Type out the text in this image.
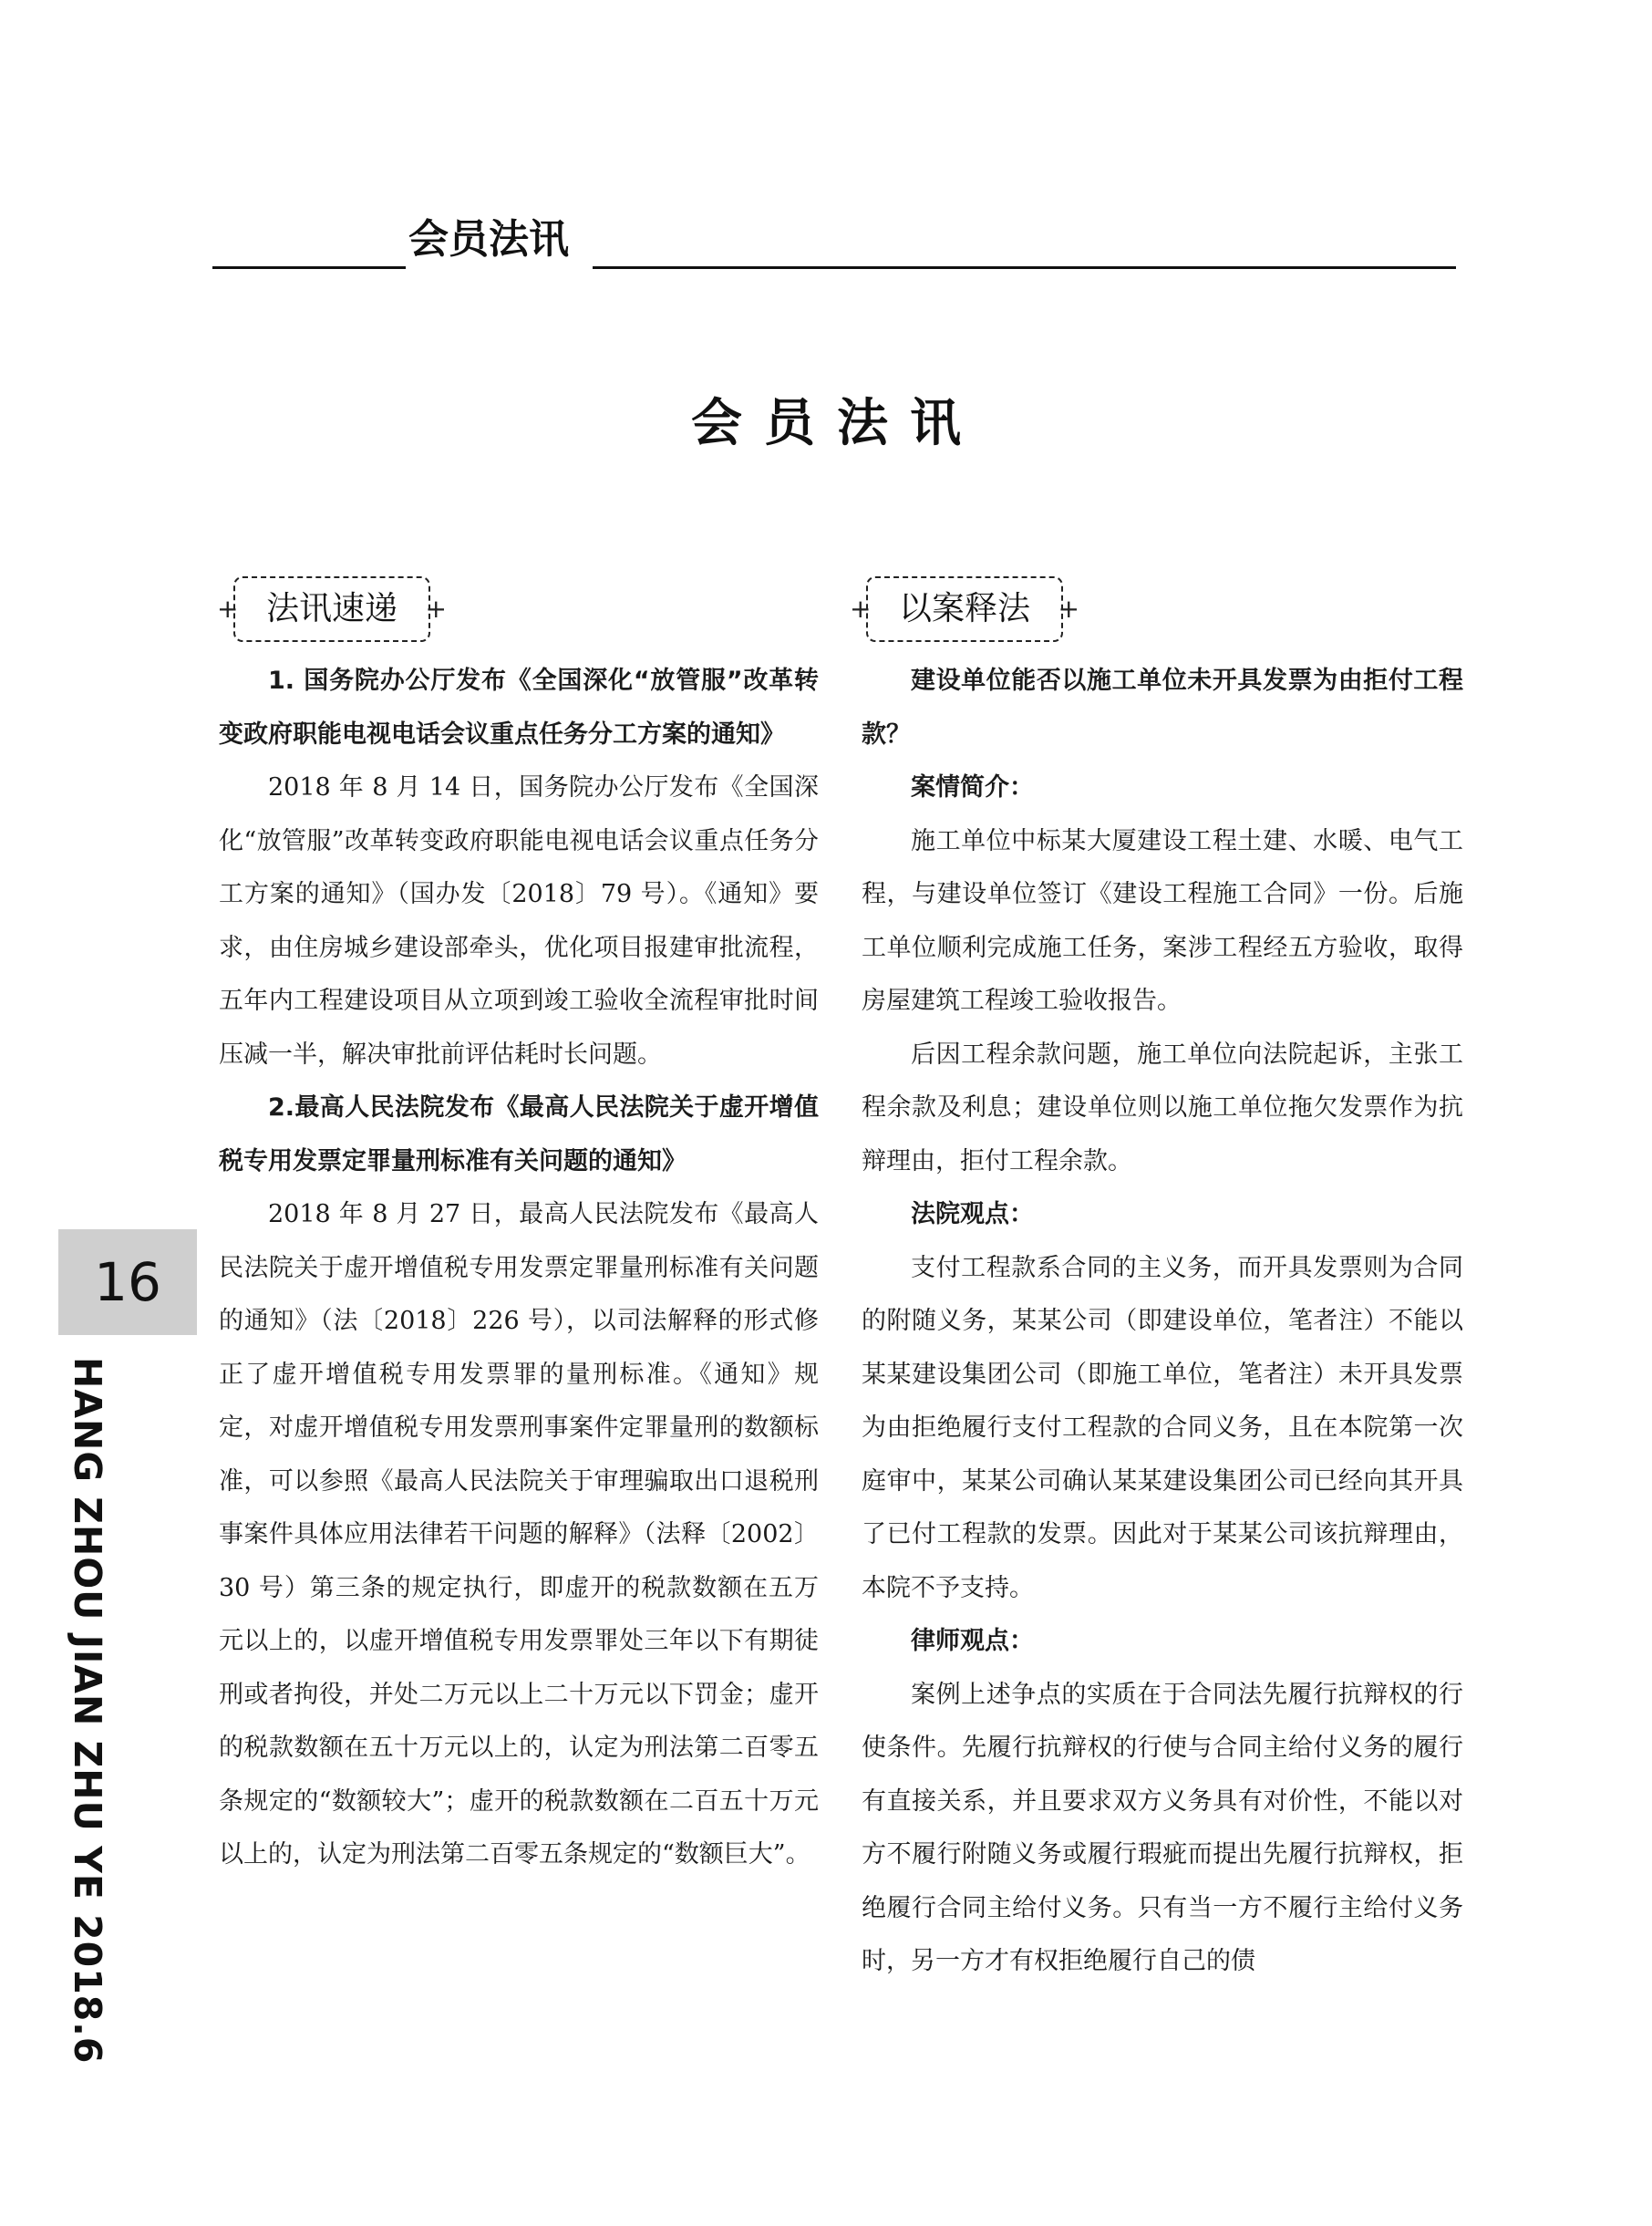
会员法讯
会员法讯
+ 法讯速递 +
+	以案释法 +

1. 国务院办公厅发布《全国深化“放管服”改革转变政府职能电视电话会议重点任务分工方案的通知》

2018 年 8 月 14 日，国务院办公厅发布《全国深化“放管服”改革转变政府职能电视电话会议重点任务分工方案的通知》（国办发〔2018〕79 号）。《通知》要求，由住房城乡建设部牵头，优化项目报建审批流程，五年内工程建设项目从立项到竣工验收全流程审批时间压减一半，解决审批前评估耗时长问题。

2.最高人民法院发布《最高人民法院关于虚开增值税专用发票定罪量刑标准有关问题的通知》

2018 年 8 月 27 日，最高人民法院发布《最高人民法院关于虚开增值税专用发票定罪量刑标准有关问题的通知》（法〔2018〕226 号），以司法解释的形式修正了虚开增值税专用发票罪的量刑标准。《通知》规定，对虚开增值税专用发票刑事案件定罪量刑的数额标准，可以参照《最高人民法院关于审理骗取出口退税刑事案件具体应用法律若干问题的解释》（法释〔2002〕30 号）第三条的规定执行，即虚开的税款数额在五万元以上的，以虚开增值税专用发票罪处三年以下有期徒刑或者拘役，并处二万元以上二十万元以下罚金；虚开的税款数额在五十万元以上的，认定为刑法第二百零五条规定的“数额较大”；虚开的税款数额在二百五十万元以上的，认定为刑法第二百零五条规定的“数额巨大”。

建设单位能否以施工单位未开具发票为由拒付工程款？

案情简介：

施工单位中标某大厦建设工程土建、水暖、电气工程，与建设单位签订《建设工程施工合同》一份。后施工单位顺利完成施工任务，案涉工程经五方验收，取得房屋建筑工程竣工验收报告。

后因工程余款问题，施工单位向法院起诉，主张工程余款及利息；建设单位则以施工单位拖欠发票作为抗辩理由，拒付工程余款。

法院观点：

支付工程款系合同的主义务，而开具发票则为合同的附随义务，某某公司（即建设单位，笔者注）不能以某某建设集团公司（即施工单位，笔者注）未开具发票为由拒绝履行支付工程款的合同义务，且在本院第一次庭审中，某某公司确认某某建设集团公司已经向其开具了已付工程款的发票。因此对于某某公司该抗辩理由，本院不予支持。

律师观点：

案例上述争点的实质在于合同法先履行抗辩权的行使条件。先履行抗辩权的行使与合同主给付义务的履行有直接关系，并且要求双方义务具有对价性，不能以对方不履行附随义务或履行瑕疵而提出先履行抗辩权，拒绝履行合同主给付义务。只有当一方不履行主给付义务时，另一方才有权拒绝履行自己的债

16
HANG ZHOU JIAN ZHU YE 2018.6
